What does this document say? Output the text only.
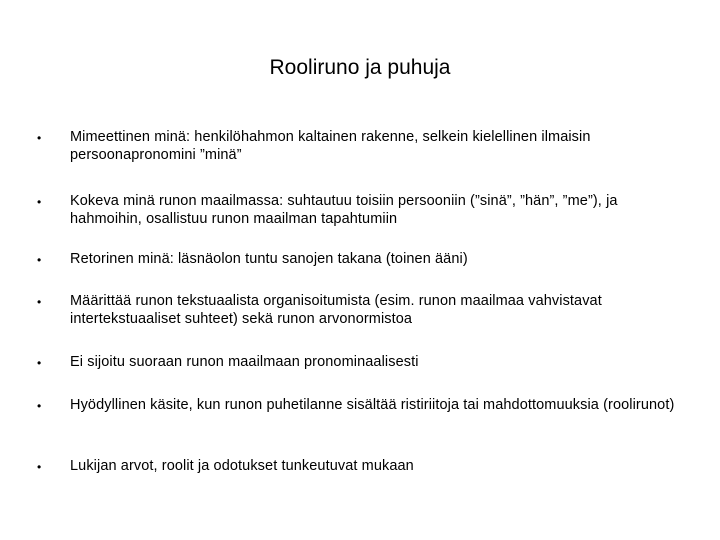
Rooliruno ja puhuja
• Mimeettinen minä: henkilöhahmon kaltainen rakenne, selkein kielellinen ilmaisin persoonapronomini ”minä”
• Kokeva minä runon maailmassa: suhtautuu toisiin persooniin (”sinä”, ”hän”, ”me”), ja hahmoihin, osallistuu runon maailman tapahtumiin
• Retorinen minä: läsnäolon tuntu sanojen takana (toinen ääni)
• Määrittää runon tekstuaalista organisoitumista (esim. runon maailmaa vahvistavat intertekstuaaliset suhteet) sekä runon arvonormistoa
• Ei sijoitu suoraan runon maailmaan pronominaalisesti
• Hyödyllinen käsite, kun runon puhetilanne sisältää ristiriitoja tai mahdottomuuksia (roolirunot)
• Lukijan arvot, roolit ja odotukset tunkeutuvat mukaan
